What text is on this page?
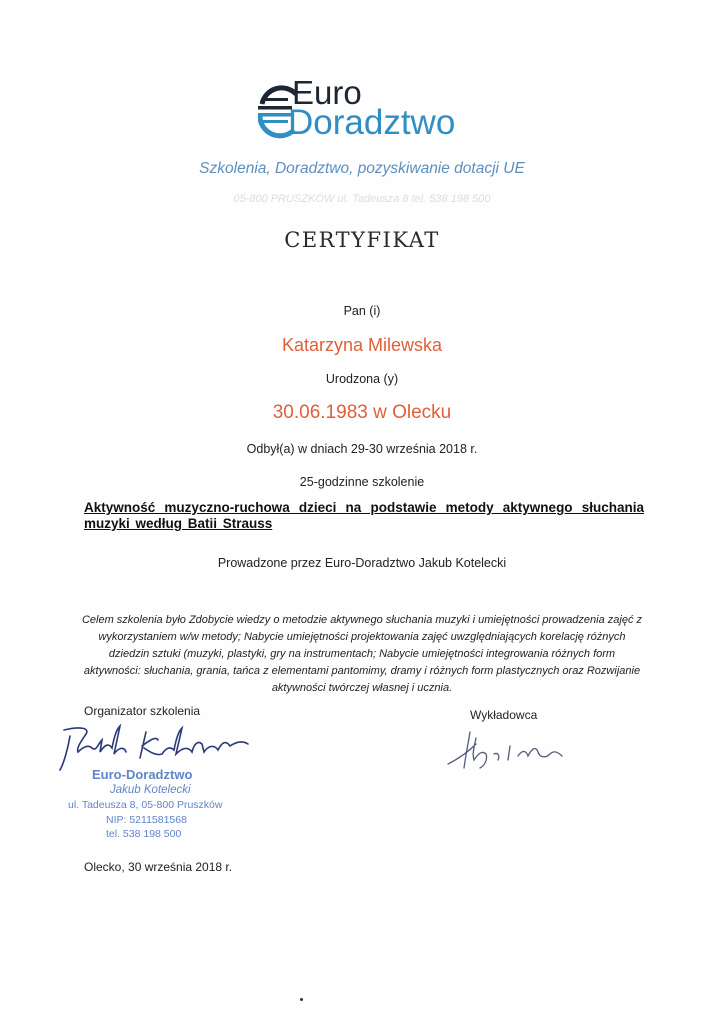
Euro
Doradztwo
Szkolenia, Doradztwo, pozyskiwanie dotacji UE
05-800 PRUSZKÓW ul. Tadeusza 8 tel. 538 198 500
CERTYFIKAT
Pan (i)
Katarzyna Milewska
Urodzona (y)
30.06.1983 w Olecku
Odbył(a) w dniach 29-30 września 2018 r.
25-godzinne szkolenie
Aktywność muzyczno-ruchowa dzieci na podstawie metody aktywnego słuchania muzyki według Batii Strauss
Prowadzone przez Euro-Doradztwo Jakub Kotelecki
Celem szkolenia było Zdobycie wiedzy o metodzie aktywnego słuchania muzyki i umiejętności prowadzenia zajęć z wykorzystaniem w/w metody; Nabycie umiejętności projektowania zajęć uwzględniających korelację różnych dziedzin sztuki (muzyki, plastyki, gry na instrumentach; Nabycie umiejętności integrowania różnych form aktywności: słuchania, grania, tańca z elementami pantomimy, dramy i różnych form plastycznych oraz Rozwijanie aktywności twórczej własnej i ucznia.
Organizator szkolenia	Wykładowca
Euro-Doradztwo
Jakub Kotelecki
ul. Tadeusza 8, 05-800 Pruszków
NIP: 5211581568
tel. 538 198 500
Olecko, 30 września 2018 r.
